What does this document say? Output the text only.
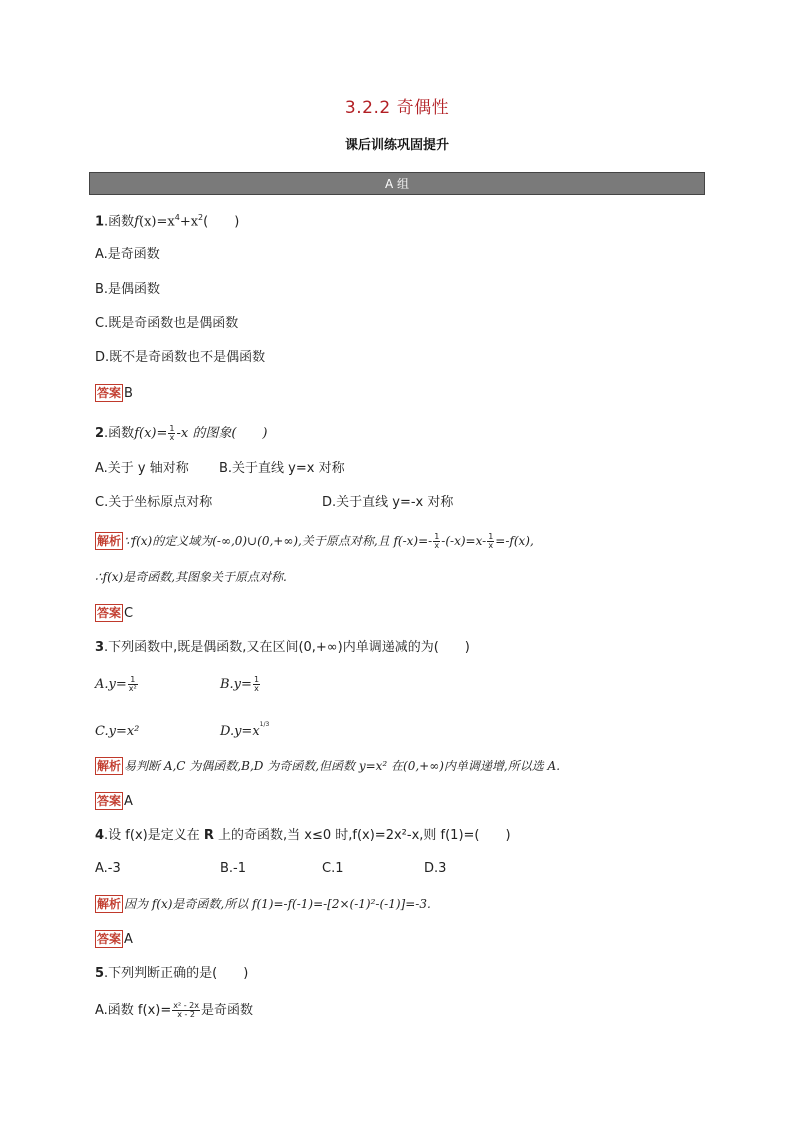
3.2.2 奇偶性
课后训练巩固提升
A 组
1.函数$f(x)=x^4+x^2$(　　)
A.是奇函数
B.是偶函数
C.既是奇函数也是偶函数
D.既不是奇函数也不是偶函数
答案 B
2.函数$f(x)= \frac{1}{x} -x$ 的图象(　　)
A.关于 y 轴对称 B.关于直线 y=x 对称
C.关于坐标原点对称	D.关于直线 y=-x 对称
解析 ∵f(x)的定义域为(-∞,0)∪(0,+∞),关于原点对称,且 $f(-x)=- \frac{1}{x} -(-x)=x- \frac{1}{x} =-f(x)$,
∴f(x)是奇函数,其图象关于原点对称.
答案 C
3.下列函数中,既是偶函数,又在区间(0,+∞)内单调递减的为(　　)
$A.y= \frac{1}{\text{x²}}$	$B.y= \frac{1}{x}$
C.y=x²	$D.y=x^{1/3}$
解析 易判断 A,C 为偶函数,B,D 为奇函数,但函数 y=x² 在(0,+∞)内单调递增,所以选 A.
答案 A
4.设 f(x)是定义在 R 上的奇函数,当 x≤0 时,f(x)=2x²-x,则 f(1)=(　　)
A.-3	B.-1	C.1	D.3
解析 因为 f(x)是奇函数,所以 f(1)=-f(-1)=-[2×(-1)²-(-1)]=-3.
答案 A
5.下列判断正确的是(　　)
A.函数 $f(x)= \frac{\text{x² - 2x}}{x - 2}$ 是奇函数
